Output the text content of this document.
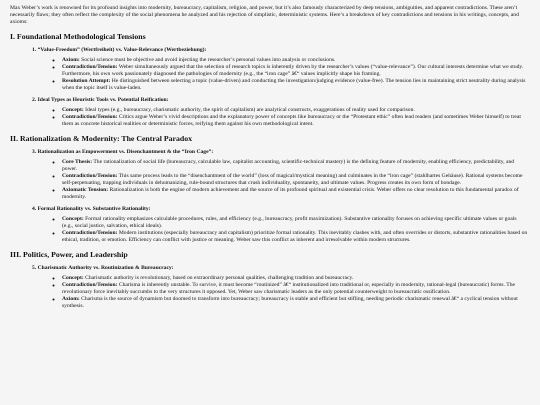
Max Weber’s work is renowned for its profound insights into modernity, bureaucracy, capitalism, religion, and power, but it’s also famously characterized by deep tensions, ambiguities, and apparent contradictions. These aren’t necessarily flaws; they often reflect the complexity of the social phenomena he analyzed and his rejection of simplistic, deterministic systems. Here’s a breakdown of key contradictions and tensions in his writings, concepts, and axioms:

I. Foundational Methodological Tensions
1. “Value-Freedom” (Wertfreiheit) vs. Value-Relevance (Wertbeziehung):
◦ Axiom: Social science must be objective and avoid injecting the researcher’s personal values into analysis or conclusions.
◦ Contradiction/Tension: Weber simultaneously argued that the selection of research topics is inherently driven by the researcher’s values (“value-relevance”). Our cultural interests determine what we study. Furthermore, his own work passionately diagnosed the pathologies of modernity (e.g., the “iron cage” â€“ values implicitly shape his framing.
◦ Resolution Attempt: He distinguished between selecting a topic (value-driven) and conducting the investigation/judging evidence (value-free). The tension lies in maintaining strict neutrality during analysis when the topic itself is value-laden.
2. Ideal Types as Heuristic Tools vs. Potential Reification:
◦ Concept: Ideal types (e.g., bureaucracy, charismatic authority, the spirit of capitalism) are analytical constructs, exaggerations of reality used for comparison.
◦ Contradiction/Tension: Critics argue Weber’s vivid descriptions and the explanatory power of concepts like bureaucracy or the “Protestant ethic” often lead readers (and sometimes Weber himself) to treat them as concrete historical realities or deterministic forces, reifying them against his own methodological intent.
II. Rationalization & Modernity: The Central Paradox
3. Rationalization as Empowerment vs. Disenchantment & the “Iron Cage”:
◦ Core Thesis: The rationalization of social life (bureaucracy, calculable law, capitalist accounting, scientific-technical mastery) is the defining feature of modernity, enabling efficiency, predictability, and power.
◦ Contradiction/Tension: This same process leads to the “disenchantment of the world” (loss of magical/mystical meaning) and culminates in the “iron cage” (stahlhartes Gehäuse). Rational systems become self-perpetuating, trapping individuals in dehumanizing, rule-bound structures that crush individuality, spontaneity, and ultimate values. Progress creates its own form of bondage.
◦ Axiomatic Tension: Rationalization is both the engine of modern achievement and the source of its profound spiritual and existential crisis. Weber offers no clear resolution to this fundamental paradox of modernity.
4. Formal Rationality vs. Substantive Rationality:
◦ Concept: Formal rationality emphasizes calculable procedures, rules, and efficiency (e.g., bureaucracy, profit maximization). Substantive rationality focuses on achieving specific ultimate values or goals (e.g., social justice, salvation, ethical ideals).
◦ Contradiction/Tension: Modern institutions (especially bureaucracy and capitalism) prioritize formal rationality. This inevitably clashes with, and often overrides or distorts, substantive rationalities based on ethical, tradition, or emotion. Efficiency can conflict with justice or meaning. Weber saw this conflict as inherent and irresolvable within modern structures.
III. Politics, Power, and Leadership
5. Charismatic Authority vs. Routinization & Bureaucracy:
◦ Concept: Charismatic authority is revolutionary, based on extraordinary personal qualities, challenging tradition and bureaucracy.
◦ Contradiction/Tension: Charisma is inherently unstable. To survive, it must become “routinized” â€“ institutionalized into traditional or, especially in modernity, rational-legal (bureaucratic) forms. The revolutionary force inevitably succumbs to the very structures it opposed. Yet, Weber saw charismatic leaders as the only potential counterweight to bureaucratic ossification.
◦ Axiom: Charisma is the source of dynamism but doomed to transform into bureaucracy; bureaucracy is stable and efficient but stifling, needing periodic charismatic renewal â€“ a cyclical tension without synthesis.
